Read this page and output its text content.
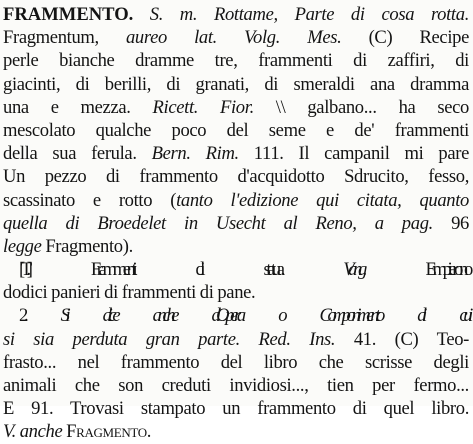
FRAMMENTO. S. m. Rottame, Parte di cosa rotta.
Fragmentum, aureo lat. Volg. Mes. (C) Recipe
perle bianche dramme tre, frammenti di zaffiri, di
giacinti, di berilli, di granati, di smeraldi ana dramma
una e mezza. Ricett. Fior. \\ galbano... ha seco
mescolato qualche poco del seme e de' frammenti
della sua ferula. Bern. Rim. 111. Il campanil mi pare
Un pezzo di frammento d'acquidotto Sdrucito, fesso,
scassinato e rotto (tanto l'edizione qui citata, quanto
quella di Broedelet in Usecht al Reno, a pag. 96
legge Fragmento).
[T.] Frammenti di statua. Vang. Empierono
dodici panieri di frammenti di pane.
2. Si dice anche d'Opera o Componimento di cui
si sia perduta gran parte. Red. Ins. 41. (C) Teo-
frasto... nel frammento del libro che scrisse degli
animali che son creduti invidiosi..., tien per fermo...
E 91. Trovasi stampato un frammento di quel libro.
V. anche Fragmento.
